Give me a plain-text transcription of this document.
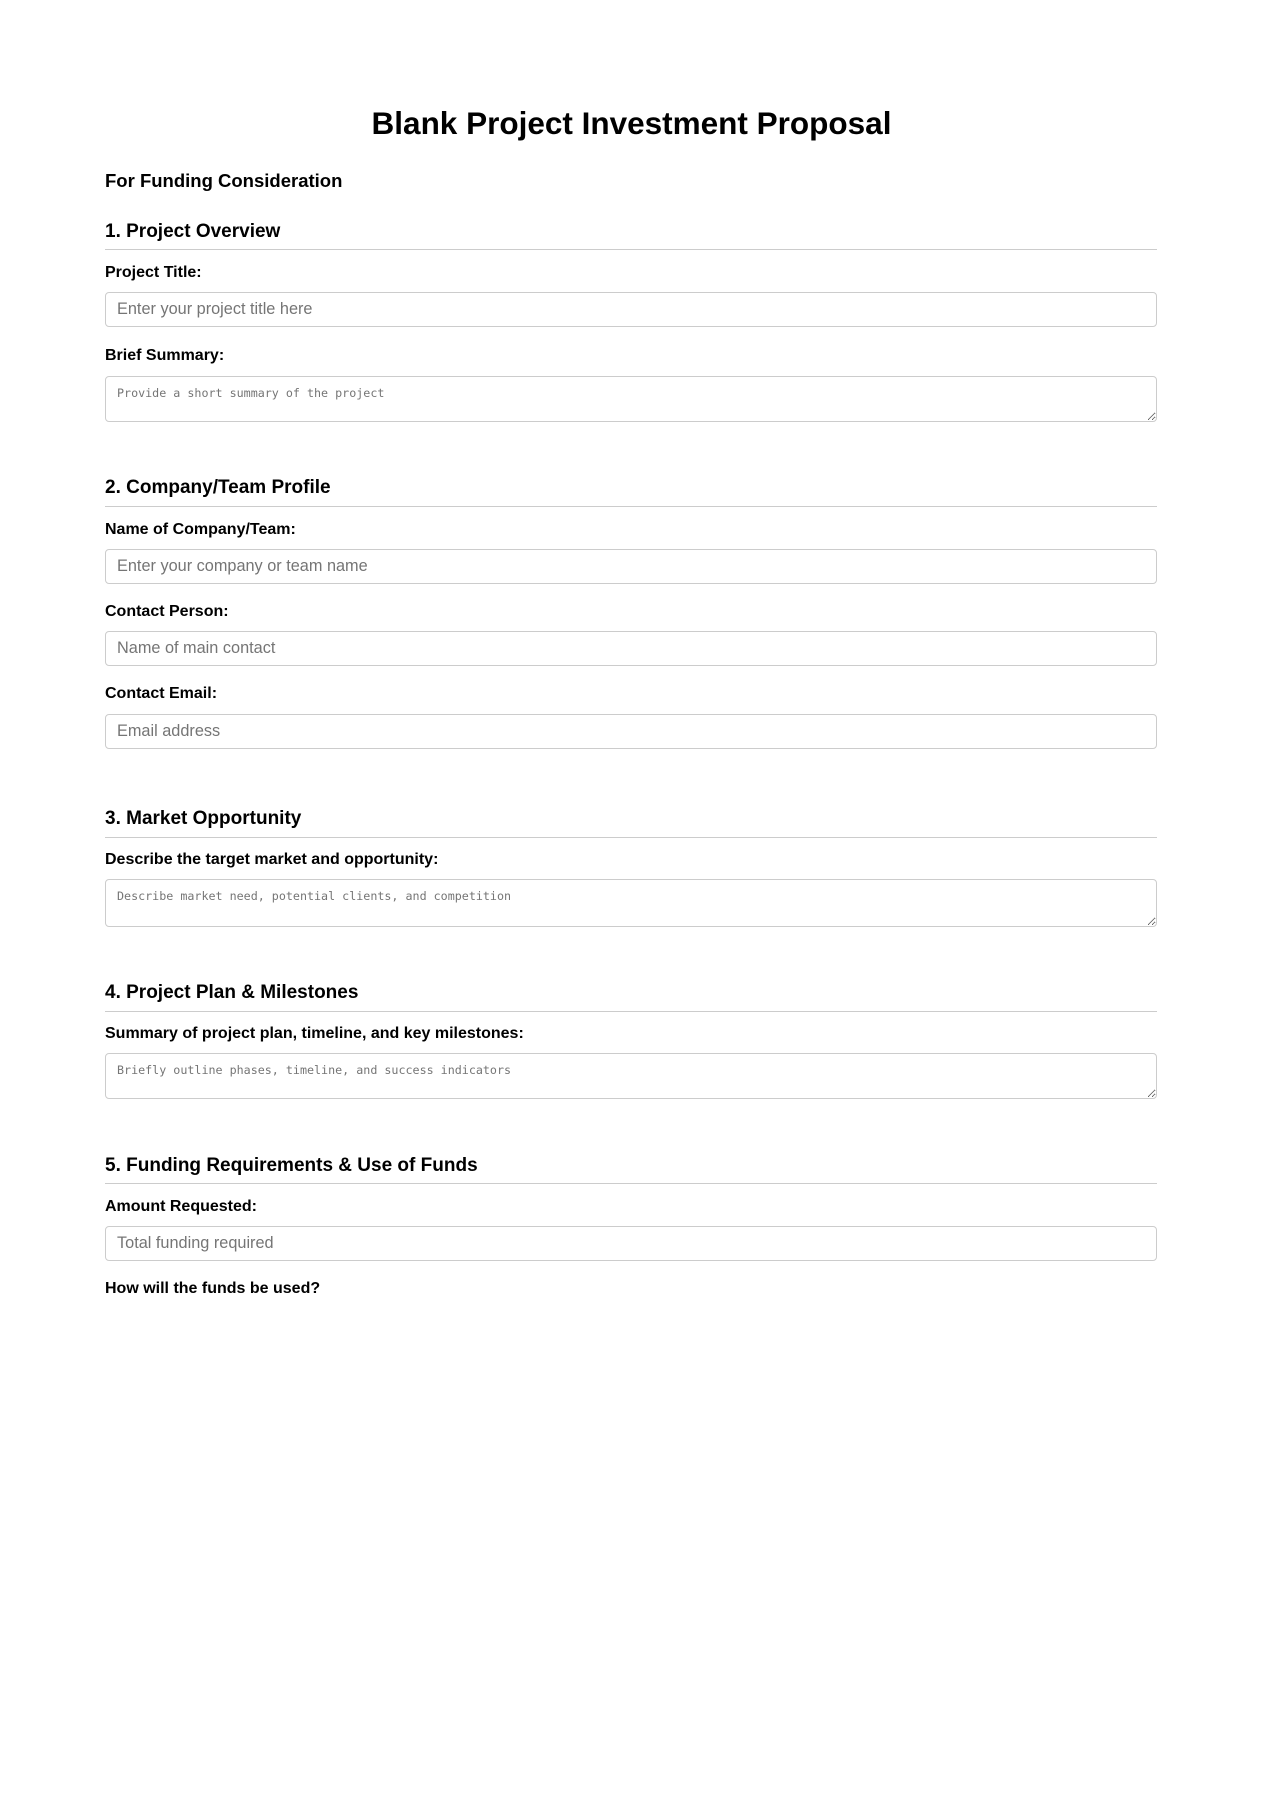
Blank Project Investment Proposal
For Funding Consideration
1. Project Overview
Project Title:
Enter your project title here
Brief Summary:
Provide a short summary of the project
2. Company/Team Profile
Name of Company/Team:
Enter your company or team name
Contact Person:
Name of main contact
Contact Email:
Email address
3. Market Opportunity
Describe the target market and opportunity:
Describe market need, potential clients, and competition
4. Project Plan & Milestones
Summary of project plan, timeline, and key milestones:
Briefly outline phases, timeline, and success indicators
5. Funding Requirements & Use of Funds
Amount Requested:
Total funding required
How will the funds be used?
